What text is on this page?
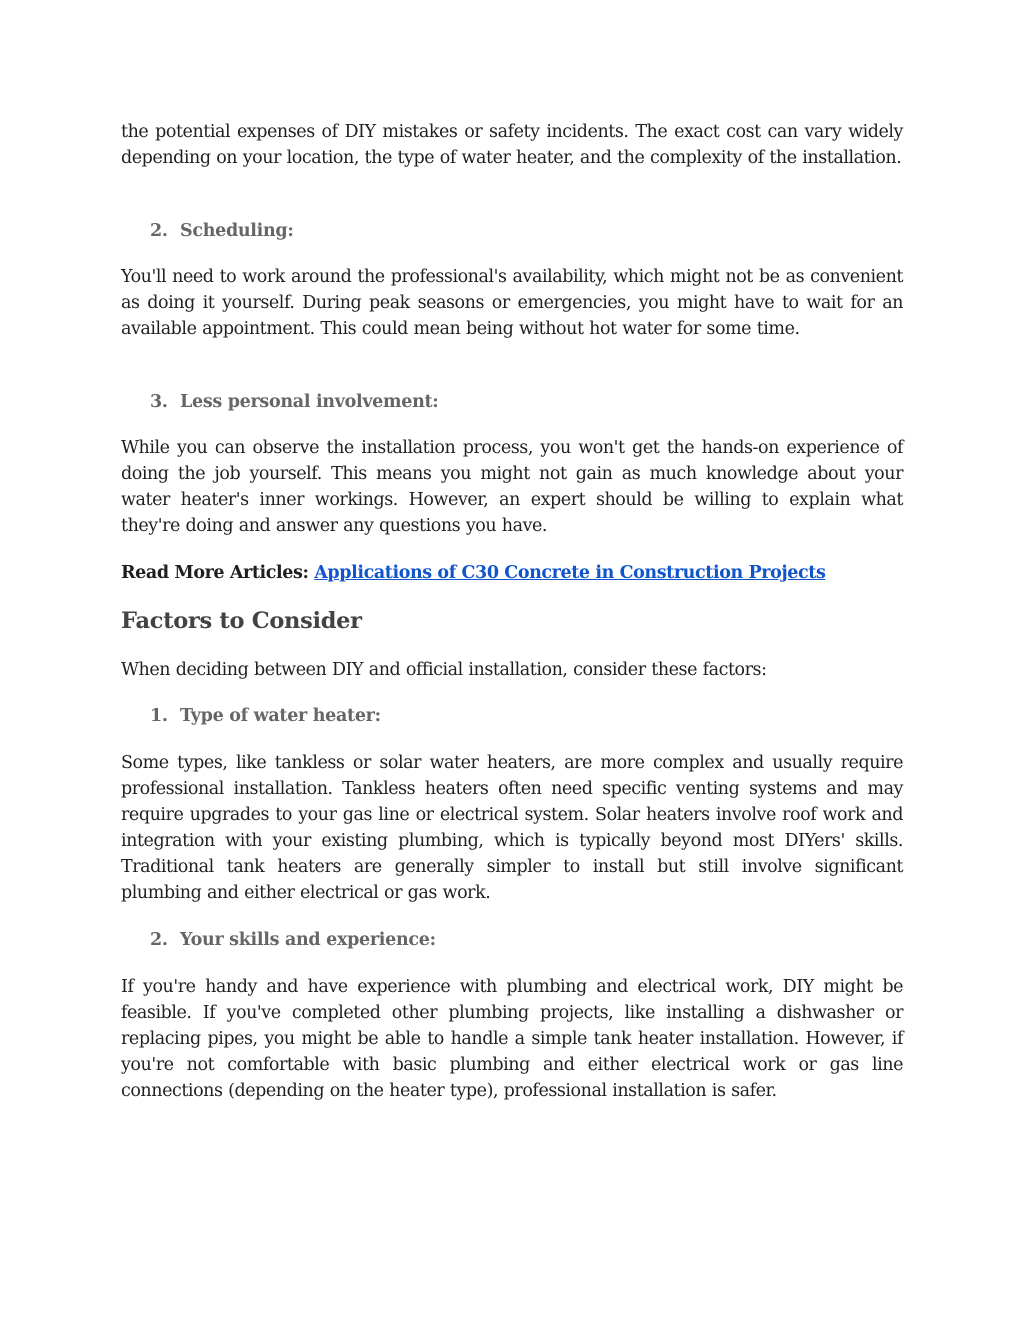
the potential expenses of DIY mistakes or safety incidents. The exact cost can vary widely depending on your location, the type of water heater, and the complexity of the installation.

2. Scheduling:

You'll need to work around the professional's availability, which might not be as convenient as doing it yourself. During peak seasons or emergencies, you might have to wait for an available appointment. This could mean being without hot water for some time.

3. Less personal involvement:

While you can observe the installation process, you won't get the hands-on experience of doing the job yourself. This means you might not gain as much knowledge about your water heater's inner workings. However, an expert should be willing to explain what they're doing and answer any questions you have.

Read More Articles: Applications of C30 Concrete in Construction Projects
Factors to Consider

When deciding between DIY and official installation, consider these factors:

1. Type of water heater:

Some types, like tankless or solar water heaters, are more complex and usually require professional installation. Tankless heaters often need specific venting systems and may require upgrades to your gas line or electrical system. Solar heaters involve roof work and integration with your existing plumbing, which is typically beyond most DIYers' skills. Traditional tank heaters are generally simpler to install but still involve significant plumbing and either electrical or gas work.

2. Your skills and experience:

If you're handy and have experience with plumbing and electrical work, DIY might be feasible. If you've completed other plumbing projects, like installing a dishwasher or replacing pipes, you might be able to handle a simple tank heater installation. However, if you're not comfortable with basic plumbing and either electrical work or gas line connections (depending on the heater type), professional installation is safer.
